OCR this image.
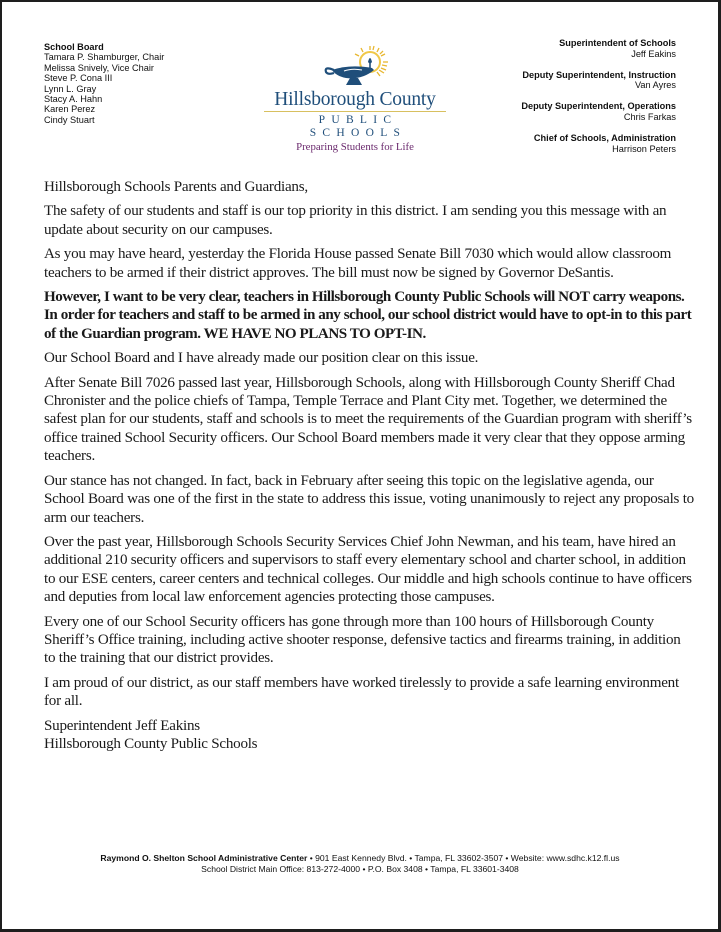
School Board
Tamara P. Shamburger, Chair
Melissa Snively, Vice Chair
Steve P. Cona III
Lynn L. Gray
Stacy A. Hahn
Karen Perez
Cindy Stuart
Hillsborough County
PUBLIC SCHOOLS
Preparing Students for Life
Superintendent of Schools
Jeff Eakins
Deputy Superintendent, Instruction
Van Ayres
Deputy Superintendent, Operations
Chris Farkas
Chief of Schools, Administration
Harrison Peters

Hillsborough Schools Parents and Guardians,

The safety of our students and staff is our top priority in this district. I am sending you this message with an update about security on our campuses.

As you may have heard, yesterday the Florida House passed Senate Bill 7030 which would allow classroom teachers to be armed if their district approves. The bill must now be signed by Governor DeSantis.

However, I want to be very clear, teachers in Hillsborough County Public Schools will NOT carry weapons. In order for teachers and staff to be armed in any school, our school district would have to opt-in to this part of the Guardian program. WE HAVE NO PLANS TO OPT-IN.

Our School Board and I have already made our position clear on this issue.

After Senate Bill 7026 passed last year, Hillsborough Schools, along with Hillsborough County Sheriff Chad Chronister and the police chiefs of Tampa, Temple Terrace and Plant City met. Together, we determined the safest plan for our students, staff and schools is to meet the requirements of the Guardian program with sheriff’s office trained School Security officers. Our School Board members made it very clear that they oppose arming teachers.

Our stance has not changed. In fact, back in February after seeing this topic on the legislative agenda, our School Board was one of the first in the state to address this issue, voting unanimously to reject any proposals to arm our teachers.

Over the past year, Hillsborough Schools Security Services Chief John Newman, and his team, have hired an additional 210 security officers and supervisors to staff every elementary school and charter school, in addition to our ESE centers, career centers and technical colleges. Our middle and high schools continue to have officers and deputies from local law enforcement agencies protecting those campuses.

Every one of our School Security officers has gone through more than 100 hours of Hillsborough County Sheriff’s Office training, including active shooter response, defensive tactics and firearms training, in addition to the training that our district provides.

I am proud of our district, as our staff members have worked tirelessly to provide a safe learning environment for all.

Superintendent Jeff Eakins
Hillsborough County Public Schools

Raymond O. Shelton School Administrative Center • 901 East Kennedy Blvd. • Tampa, FL 33602-3507 • Website: www.sdhc.k12.fl.us
School District Main Office: 813-272-4000 • P.O. Box 3408 • Tampa, FL 33601-3408
